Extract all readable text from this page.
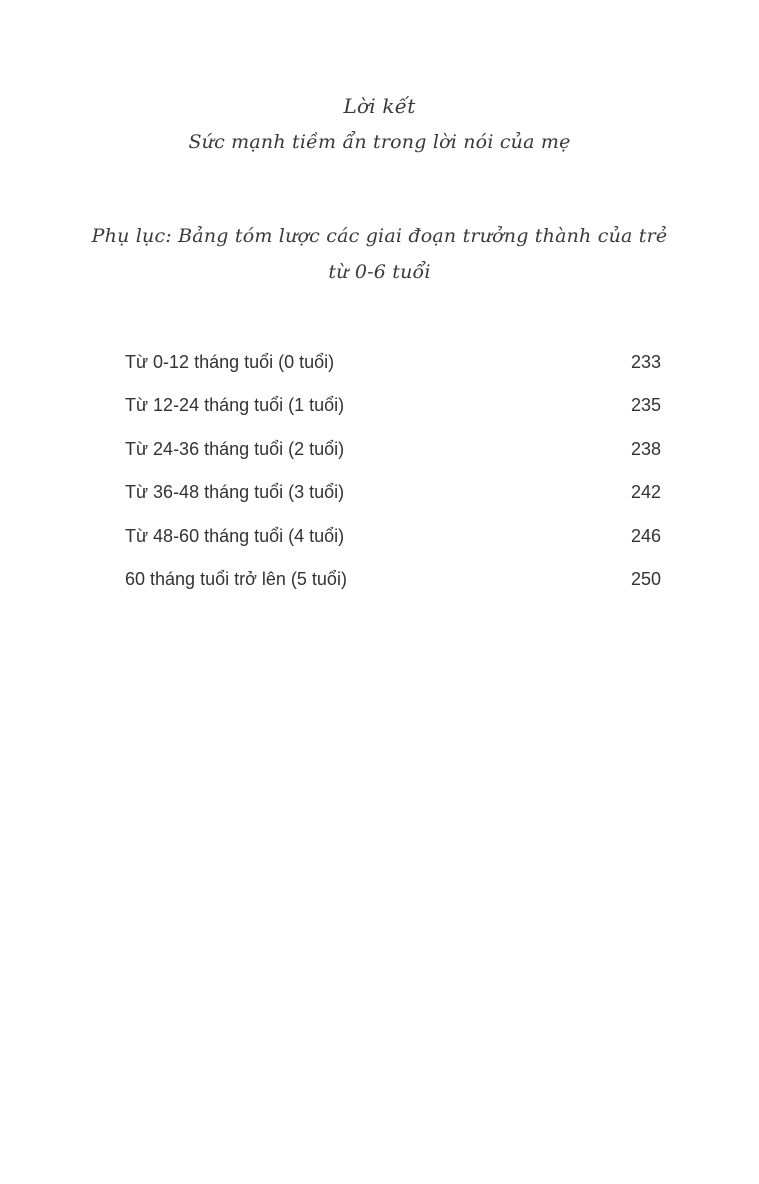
Lời kết
Sức mạnh tiềm ẩn trong lời nói của mẹ
Phụ lục: Bảng tóm lược các giai đoạn trưởng thành của trẻ
từ 0-6 tuổi
Từ 0-12 tháng tuổi (0 tuổi)	233
Từ 12-24 tháng tuổi (1 tuổi)	235
Từ 24-36 tháng tuổi (2 tuổi)	238
Từ 36-48 tháng tuổi (3 tuổi)	242
Từ 48-60 tháng tuổi (4 tuổi)	246
60 tháng tuổi trở lên (5 tuổi)	250
